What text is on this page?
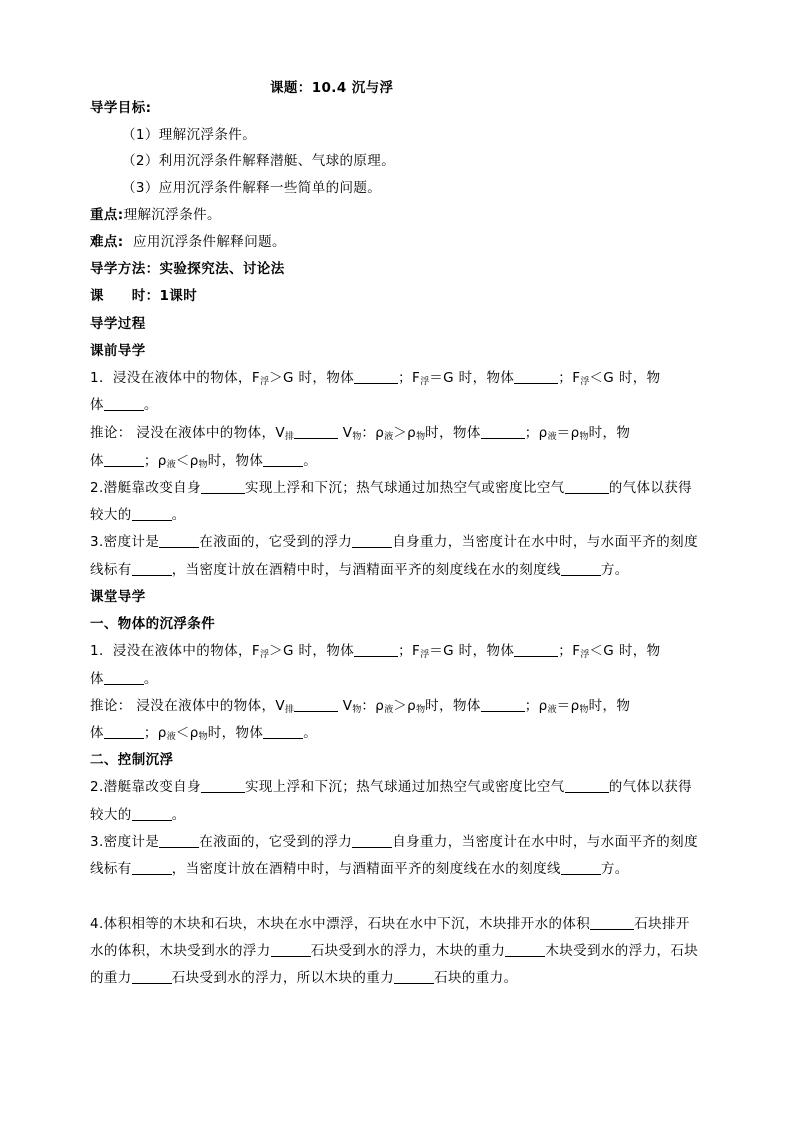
课题：10.4 沉与浮
导学目标:
（1）理解沉浮条件。
（2）利用沉浮条件解释潜艇、气球的原理。
（3）应用沉浮条件解释一些简单的问题。
重点:理解沉浮条件。
难点: 应用沉浮条件解释问题。
导学方法：实验探究法、讨论法
课　　时：1课时
导学过程
课前导学
1．浸没在液体中的物体，$F_浮>G$ 时，物体	；$F_浮=G$ 时，物体	；$F_浮<G$ 时，物
体	。
推论： 浸没在液体中的物体，$V_排$	$V_物$：$\rho_液>\rho_物$时，物体	；$\rho_液=\rho_物$时，物
体	；$\rho_液<\rho_物$时，物体	。
2.潜艇靠改变自身	实现上浮和下沉；热气球通过加热空气或密度比空气	的气体以获得
较大的	。
3.密度计是	在液面的，它受到的浮力	自身重力，当密度计在水中时，与水面平齐的刻度
线标有	，当密度计放在酒精中时，与酒精面平齐的刻度线在水的刻度线	方。
课堂导学
一、物体的沉浮条件
1．浸没在液体中的物体，$F_浮>G$ 时，物体	；$F_浮=G$ 时，物体	；$F_浮<G$ 时，物
体	。
推论： 浸没在液体中的物体，$V_排$	$V_物$：$\rho_液>\rho_物$时，物体	；$\rho_液=\rho_物$时，物
体	；$\rho_液<\rho_物$时，物体	。
二、控制沉浮
2.潜艇靠改变自身	实现上浮和下沉；热气球通过加热空气或密度比空气	的气体以获得
较大的	。
3.密度计是	在液面的，它受到的浮力	自身重力，当密度计在水中时，与水面平齐的刻度
线标有	，当密度计放在酒精中时，与酒精面平齐的刻度线在水的刻度线	方。
4.体积相等的木块和石块，木块在水中漂浮，石块在水中下沉，木块排开水的体积	石块排开
水的体积，木块受到水的浮力	石块受到水的浮力，木块的重力	木块受到水的浮力，石块
的重力	石块受到水的浮力，所以木块的重力	石块的重力。
